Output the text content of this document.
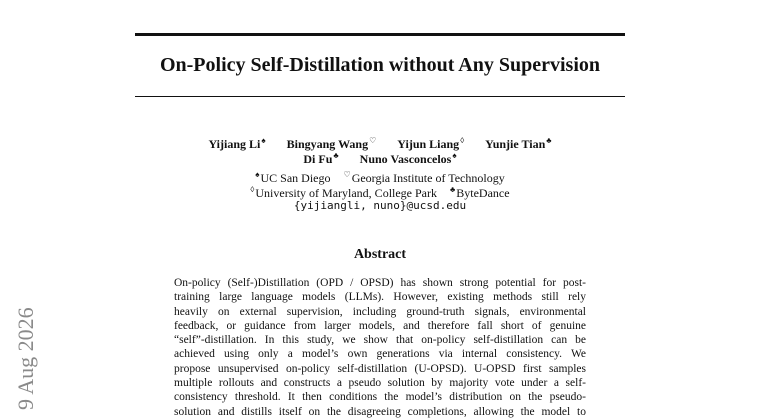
On-Policy Self-Distillation without Any Supervision
Yijiang Li♠ Bingyang Wang♡ Yijun Liang◊ Yunjie Tian♣
Di Fu♣ Nuno Vasconcelos♠
♠UC San Diego ♡Georgia Institute of Technology
◊University of Maryland, College Park ♣ByteDance
{yijiangli, nuno}@ucsd.edu
Abstract
On-policy (Self-)Distillation (OPD / OPSD) has shown strong potential for post-
training large language models (LLMs). However, existing methods still rely
heavily on external supervision, including ground-truth signals, environmental
feedback, or guidance from larger models, and therefore fall short of genuine
“self”-distillation. In this study, we show that on-policy self-distillation can be
achieved using only a model’s own generations via internal consistency. We
propose unsupervised on-policy self-distillation (U-OPSD). U-OPSD first samples
multiple rollouts and constructs a pseudo solution by majority vote under a self-
consistency threshold. It then conditions the model’s distribution on the pseudo-
solution and distills itself on the disagreeing completions, allowing the model to
9 Aug 2026
